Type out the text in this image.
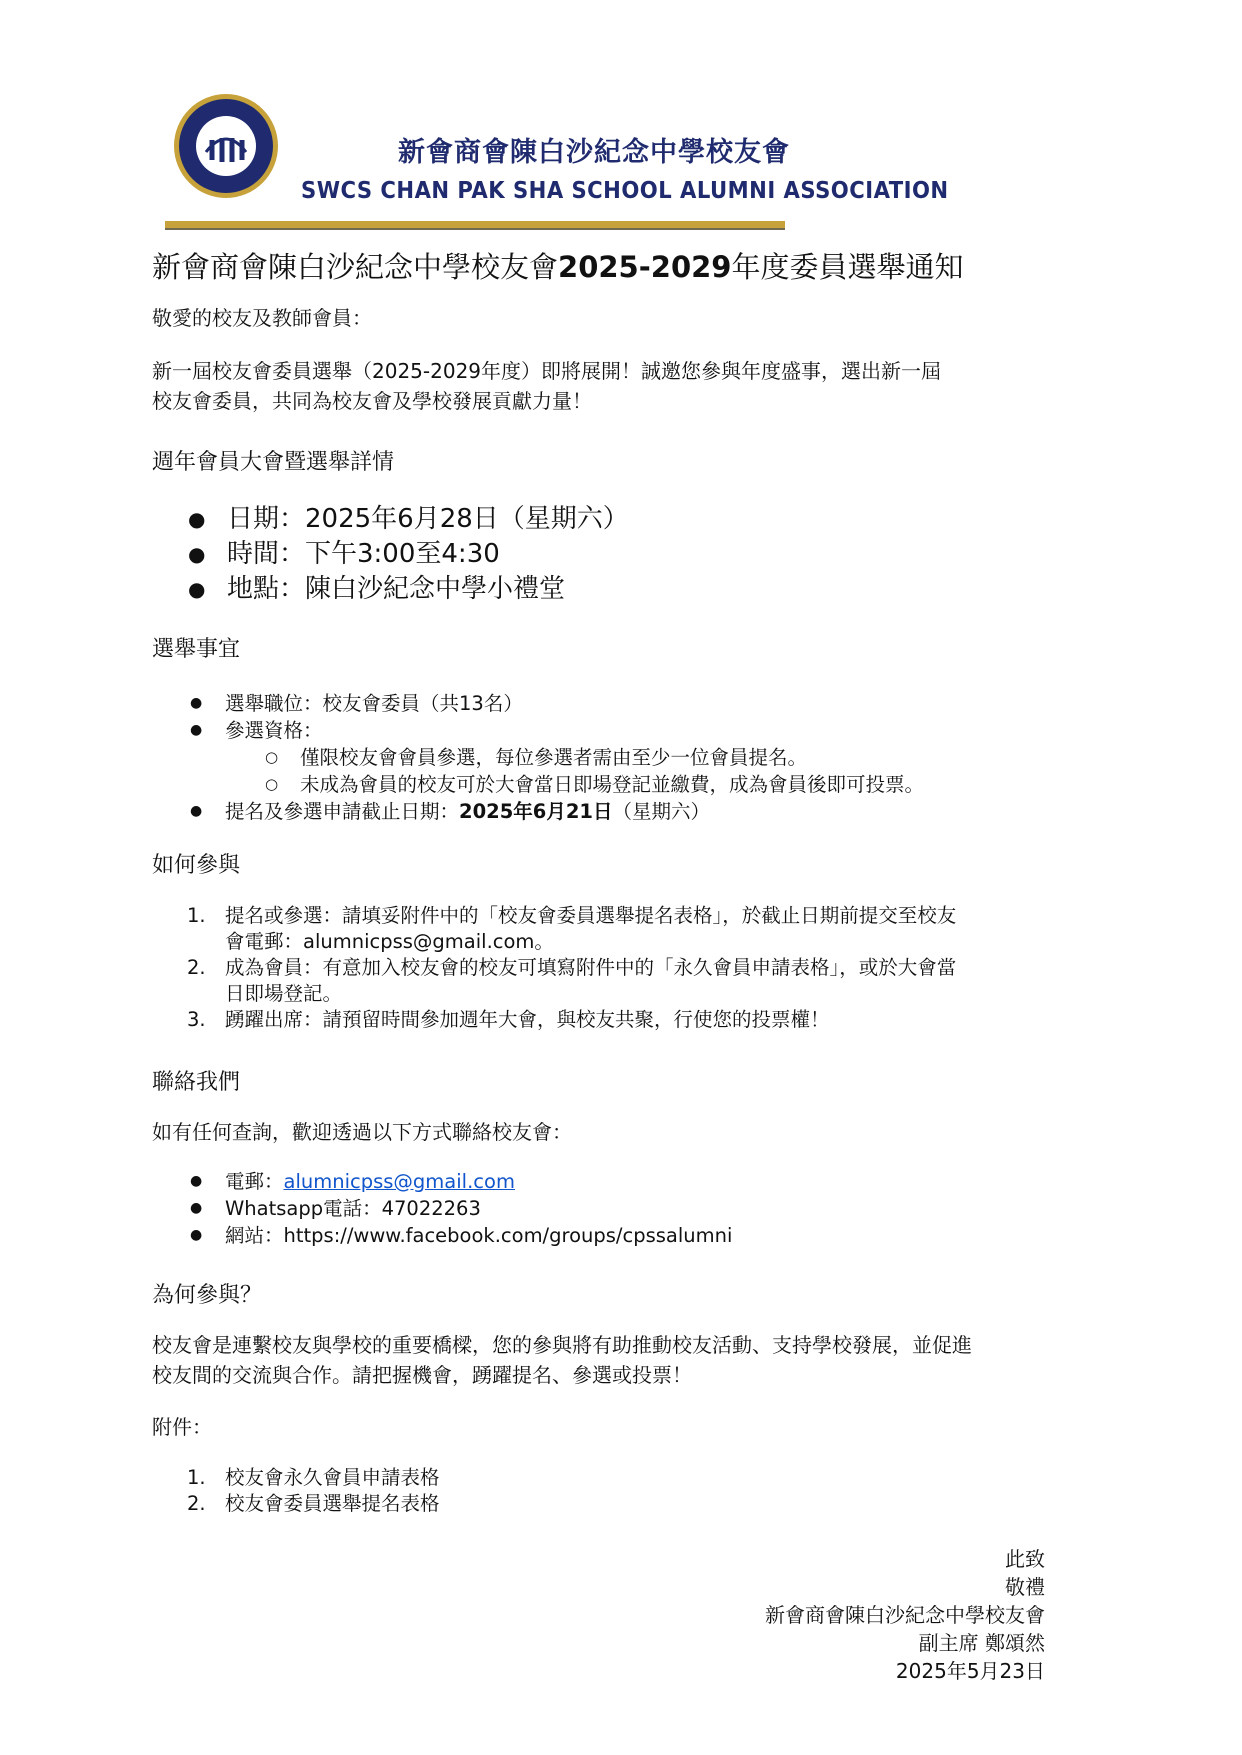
新會商會陳白沙紀念中學校友會
SWCS CHAN PAK SHA SCHOOL ALUMNI ASSOCIATION
新會商會陳白沙紀念中學校友會2025-2029年度委員選舉通知
敬愛的校友及教師會員：
新一屆校友會委員選舉（2025-2029年度）即將展開！誠邀您參與年度盛事，選出新一屆
校友會委員，共同為校友會及學校發展貢獻力量！
週年會員大會暨選舉詳情
● 日期：2025年6月28日（星期六）
● 時間：下午3:00至4:30
● 地點：陳白沙紀念中學小禮堂
選舉事宜
● 選舉職位：校友會委員（共13名）
● 參選資格：
○ 僅限校友會會員參選，每位參選者需由至少一位會員提名。
○ 未成為會員的校友可於大會當日即場登記並繳費，成為會員後即可投票。
● 提名及參選申請截止日期：2025年6月21日（星期六）
如何參與
1. 提名或參選：請填妥附件中的「校友會委員選舉提名表格」，於截止日期前提交至校友
會電郵：alumnicpss@gmail.com。
2. 成為會員：有意加入校友會的校友可填寫附件中的「永久會員申請表格」，或於大會當
日即場登記。
3. 踴躍出席：請預留時間參加週年大會，與校友共聚，行使您的投票權！
聯絡我們
如有任何查詢，歡迎透過以下方式聯絡校友會：
● 電郵：alumnicpss@gmail.com
● Whatsapp電話：47022263
● 網站：https://www.facebook.com/groups/cpssalumni
為何參與？
校友會是連繫校友與學校的重要橋樑，您的參與將有助推動校友活動、支持學校發展，並促進
校友間的交流與合作。請把握機會，踴躍提名、參選或投票！
附件：
1. 校友會永久會員申請表格
2. 校友會委員選舉提名表格
此致
敬禮
新會商會陳白沙紀念中學校友會
副主席 鄭頌然
2025年5月23日
